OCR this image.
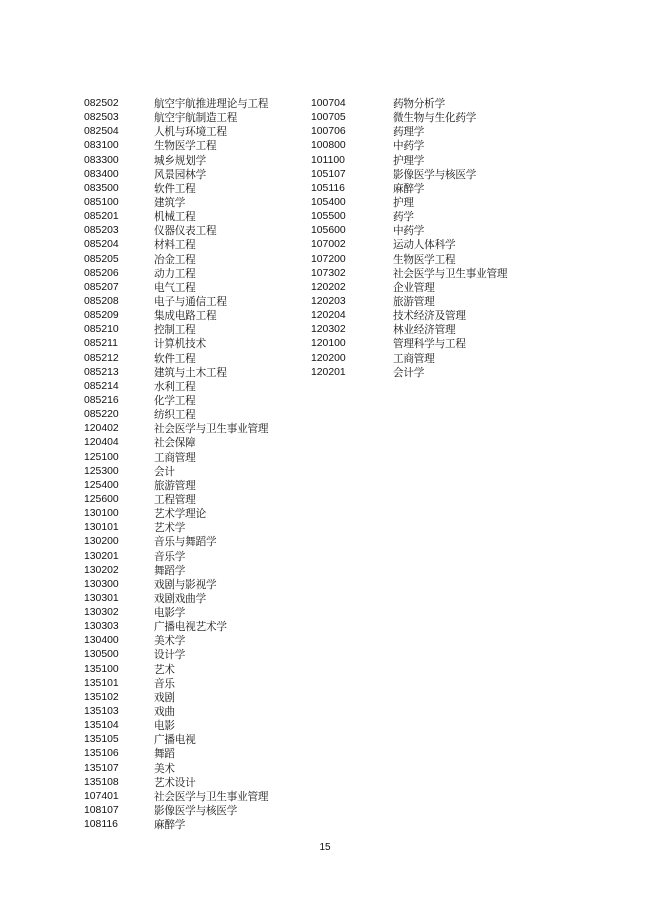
082502	航空宇航推进理论与工程
082503	航空宇航制造工程
082504	人机与环境工程
083100	生物医学工程
083300	城乡规划学
083400	风景园林学
083500	软件工程
085100	建筑学
085201	机械工程
085203	仪器仪表工程
085204	材料工程
085205	冶金工程
085206	动力工程
085207	电气工程
085208	电子与通信工程
085209	集成电路工程
085210	控制工程
085211	计算机技术
085212	软件工程
085213	建筑与土木工程
085214	水利工程
085216	化学工程
085220	纺织工程
120402	社会医学与卫生事业管理
120404	社会保障
125100	工商管理
125300	会计
125400	旅游管理
125600	工程管理
130100	艺术学理论
130101	艺术学
130200	音乐与舞蹈学
130201	音乐学
130202	舞蹈学
130300	戏剧与影视学
130301	戏剧戏曲学
130302	电影学
130303	广播电视艺术学
130400	美术学
130500	设计学
135100	艺术
135101	音乐
135102	戏剧
135103	戏曲
135104	电影
135105	广播电视
135106	舞蹈
135107	美术
135108	艺术设计
107401	社会医学与卫生事业管理
108107	影像医学与核医学
108116	麻醉学
100704	药物分析学
100705	微生物与生化药学
100706	药理学
100800	中药学
101100	护理学
105107	影像医学与核医学
105116	麻醉学
105400	护理
105500	药学
105600	中药学
107002	运动人体科学
107200	生物医学工程
107302	社会医学与卫生事业管理
120202	企业管理
120203	旅游管理
120204	技术经济及管理
120302	林业经济管理
120100	管理科学与工程
120200	工商管理
120201	会计学
15
